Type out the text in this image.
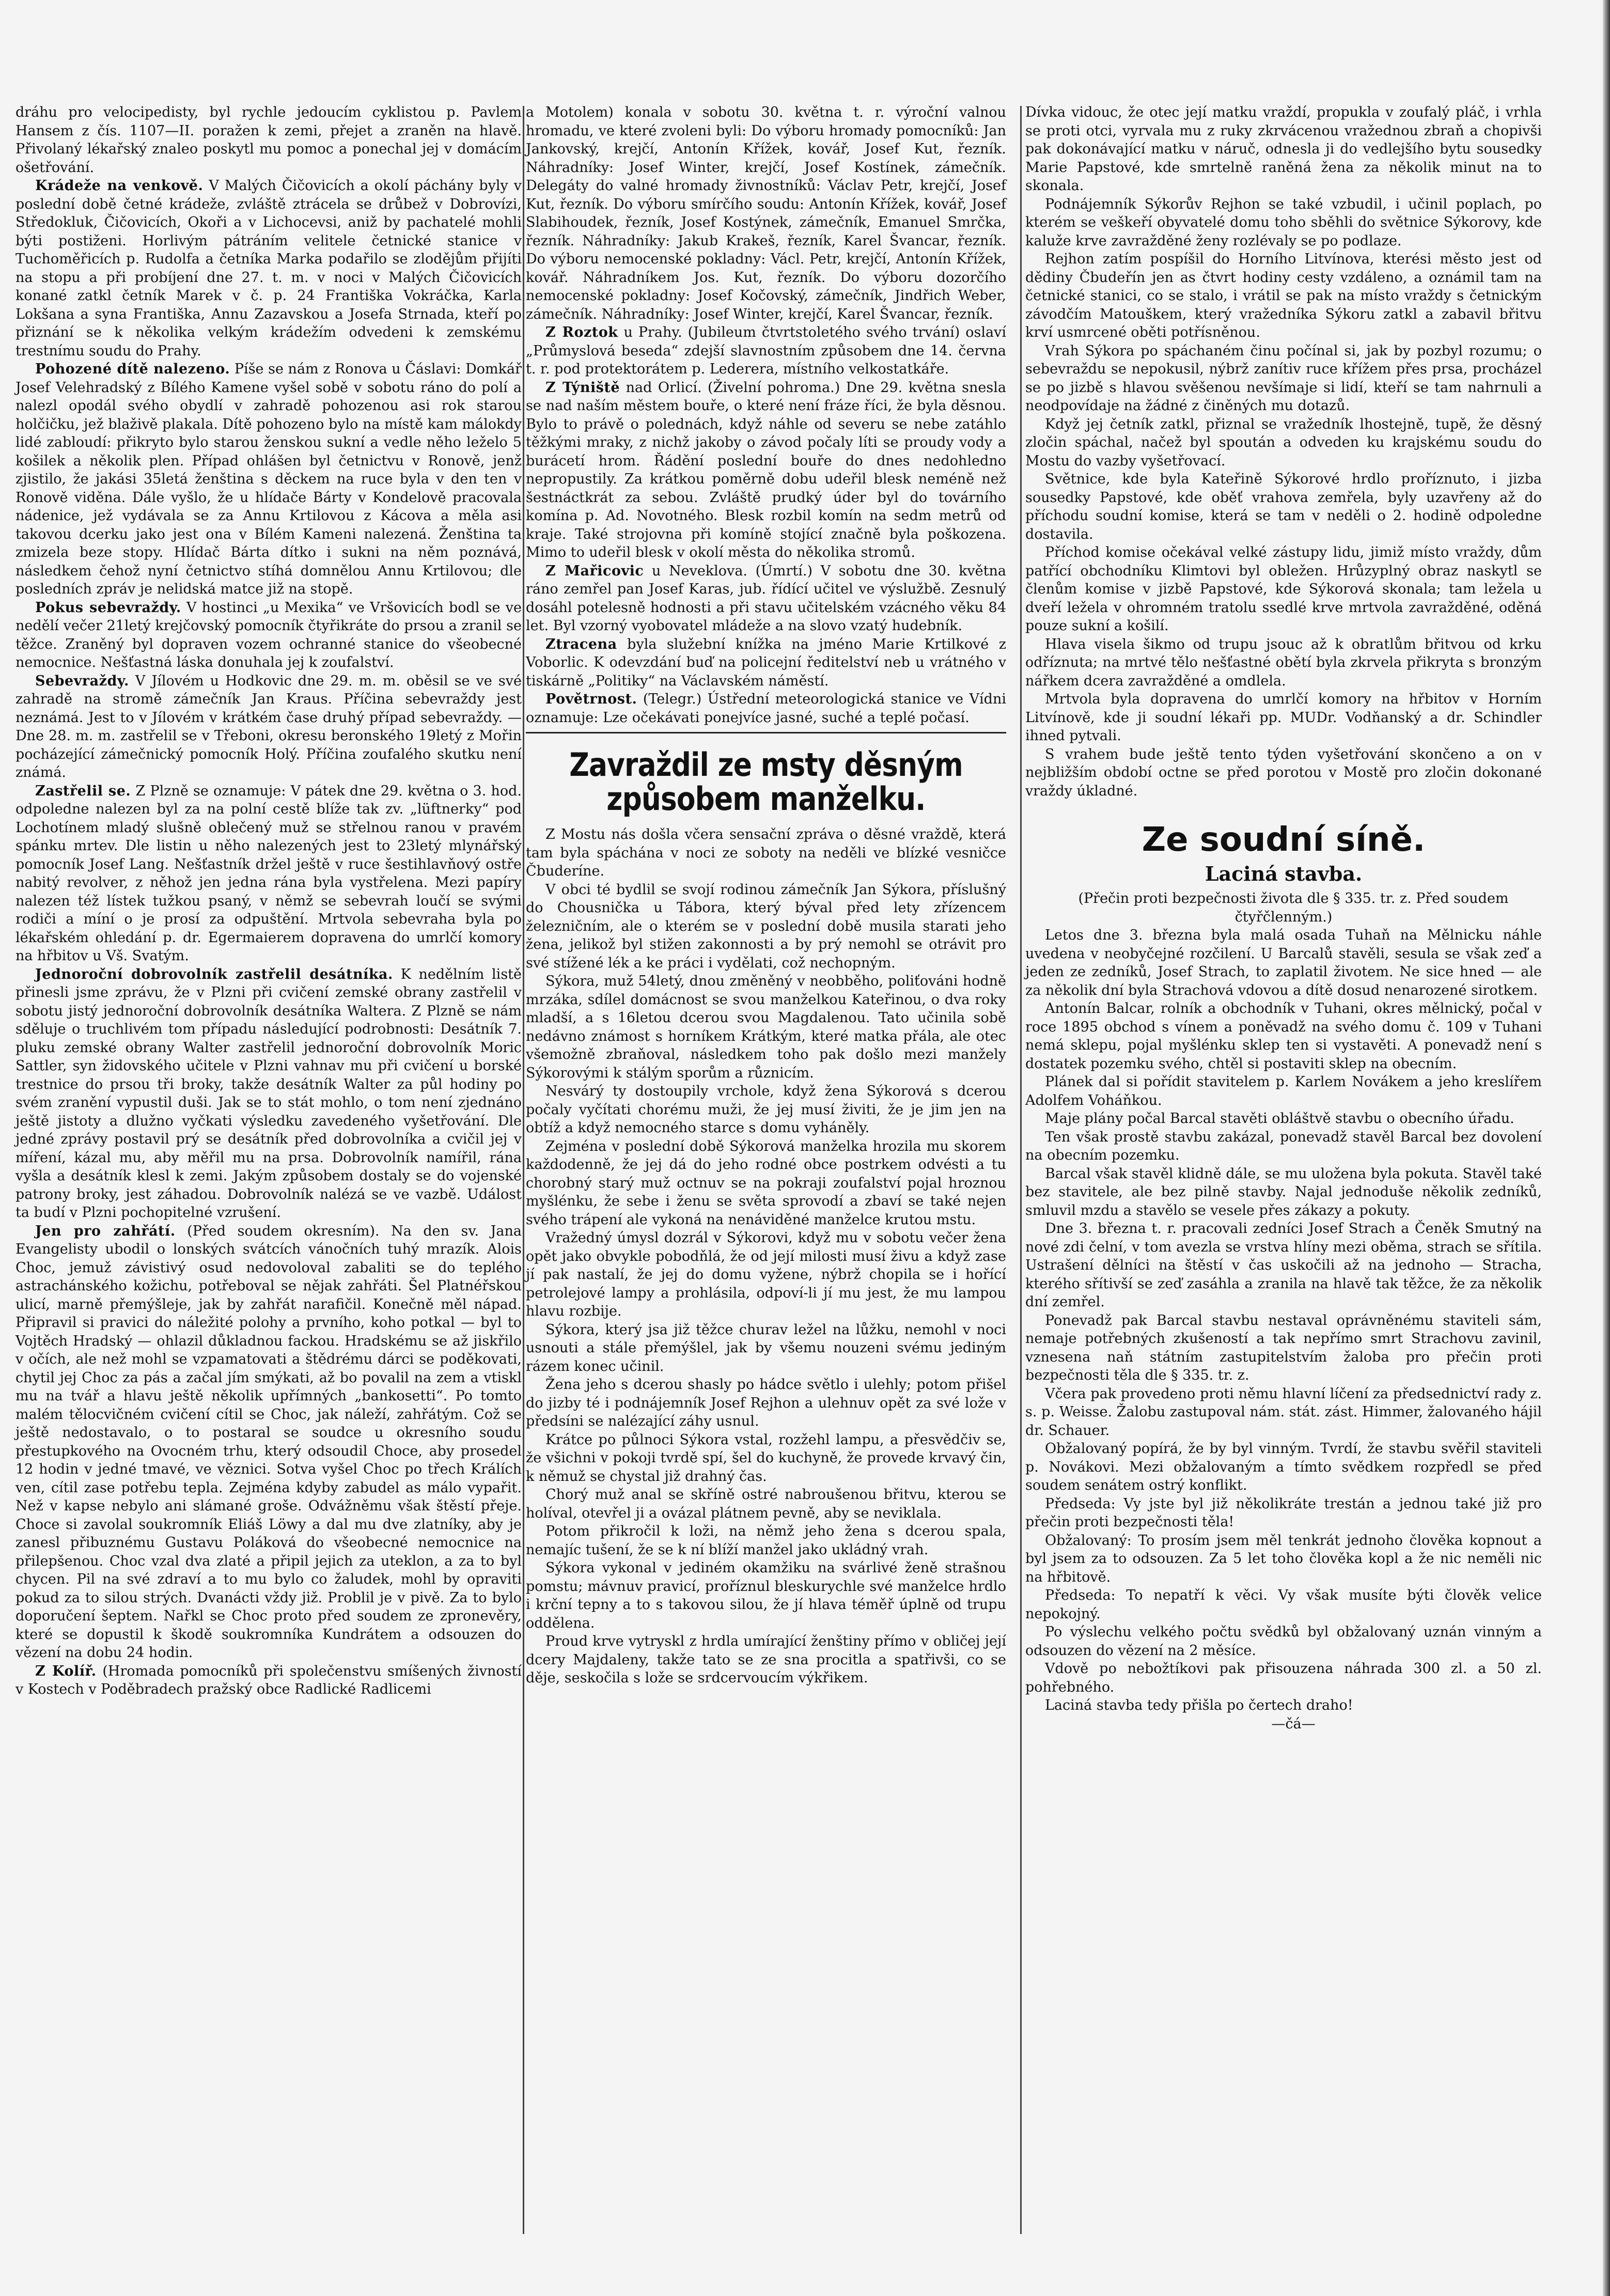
dráhu pro velocipedisty, byl rychle jedoucím cyklistou p. Pavlem Hansem z čís. 1107—II. poražen k zemi, přejet a zraněn na hlavě. Přivolaný lékařský znaleo poskytl mu pomoc a ponechal jej v domácím ošetřování.

Krádeže na venkově. V Malých Čičovicích a okolí páchány byly v poslední době četné krádeže, zvláště ztrácela se drůbež v Dobrovízi, Středokluk, Čičovicích, Okoři a v Lichocevsi, aniž by pachatelé mohli býti postiženi. Horlivým pátráním velitele četnické stanice v Tuchoměřicích p. Rudolfa a četníka Marka podařilo se zlodějům přijíti na stopu a při probíjení dne 27. t. m. v noci v Malých Čičovicích konané zatkl četník Marek v č. p. 24 Františka Vokráčka, Karla Lokšana a syna Františka, Annu Zazavskou a Josefa Strnada, kteří po přiznání se k několika velkým krádežím odvedeni k zemskému trestnímu soudu do Prahy.

Pohozené dítě nalezeno. Píše se nám z Ronova u Čáslavi: Domkář Josef Velehradský z Bílého Kamene vyšel sobě v sobotu ráno do polí a nalezl opodál svého obydlí v zahradě pohozenou asi rok starou holčičku, jež blaživě plakala. Dítě pohozeno bylo na místě kam málokdy lidé zabloudí: přikryto bylo starou ženskou sukní a vedle něho leželo 5 košilek a několik plen. Případ ohlášen byl četnictvu v Ronově, jenž zjistilo, že jakási 35letá ženština s děckem na ruce byla v den ten v Ronově viděna. Dále vyšlo, že u hlídače Bárty v Kondelově pracovala nádenice, jež vydávala se za Annu Krtilovou z Kácova a měla asi takovou dcerku jako jest ona v Bílém Kameni nalezená. Ženština ta zmizela beze stopy. Hlídač Bárta dítko i sukni na něm poznává, následkem čehož nyní četnictvo stíhá domnělou Annu Krtilovou; dle posledních zpráv je nelidská matce již na stopě.

Pokus sebevraždy. V hostinci „u Mexika“ ve Vršovicích bodl se ve nedělí večer 21letý krejčovský pomocník čtyřikráte do prsou a zranil se těžce. Zraněný byl dopraven vozem ochranné stanice do všeobecné nemocnice. Nešťastná láska donuhala jej k zoufalství.

Sebevraždy. V Jílovém u Hodkovic dne 29. m. m. oběsil se ve své zahradě na stromě zámečník Jan Kraus. Příčina sebevraždy jest neznámá. Jest to v Jílovém v krátkém čase druhý případ sebevraždy. — Dne 28. m. m. zastřelil se v Třeboni, okresu beronského 19letý z Mořin pocházející zámečnický pomocník Holý. Příčina zoufalého skutku není známá.

Zastřelil se. Z Plzně se oznamuje: V pátek dne 29. května o 3. hod. odpoledne nalezen byl za na polní cestě blíže tak zv. „lüftnerky“ pod Lochotínem mladý slušně oblečený muž se střelnou ranou v pravém spánku mrtev. Dle listin u něho nalezených jest to 23letý mlynářský pomocník Josef Lang. Nešťastník držel ještě v ruce šestihlavňový ostře nabitý revolver, z něhož jen jedna rána byla vystřelena. Mezi papíry nalezen též lístek tužkou psaný, v němž se sebevrah loučí se svými rodiči a míní o je prosí za odpuštění. Mrtvola sebevraha byla po lékařském ohledání p. dr. Egermaierem dopravena do umrlčí komory na hřbitov u Vš. Svatým.

Jednoroční dobrovolník zastřelil desátníka. K nedělním listě přinesli jsme zprávu, že v Plzni při cvičení zemské obrany zastřelil v sobotu jistý jednoroční dobrovolník desátníka Waltera. Z Plzně se nám sděluje o truchlivém tom případu následující podrobnosti: Desátník 7. pluku zemské obrany Walter zastřelil jednoroční dobrovolník Moric Sattler, syn židovského učitele v Plzni vahnav mu při cvičení u borské trestnice do prsou tři broky, takže desátník Walter za půl hodiny po svém zranění vypustil duši. Jak se to stát mohlo, o tom není zjednáno ještě jistoty a dlužno vyčkati výsledku zavedeného vyšetřování. Dle jedné zprávy postavil prý se desátník před dobrovolníka a cvičil jej v míření, kázal mu, aby měřil mu na prsa. Dobrovolník namířil, rána vyšla a desátník klesl k zemi. Jakým způsobem dostaly se do vojenské patrony broky, jest záhadou. Dobrovolník nalézá se ve vazbě. Událost ta budí v Plzni pochopitelné vzrušení.

Jen pro zahřátí. (Před soudem okresním). Na den sv. Jana Evangelisty ubodil o lonských svátcích vánočních tuhý mrazík. Alois Choc, jemuž závistivý osud nedovoloval zabaliti se do teplého astrachánského kožichu, potřeboval se nějak zahřáti. Šel Platnéřskou ulicí, marně přemýšleje, jak by zahřát narafičil. Konečně měl nápad. Připravil si pravici do náležité polohy a prvního, koho potkal — byl to Vojtěch Hradský — ohlazil důkladnou fackou. Hradskému se až jiskřilo v očích, ale než mohl se vzpamatovati a štědrému dárci se poděkovati, chytil jej Choc za pás a začal jím smýkati, až bo povalil na zem a vtiskl mu na tvář a hlavu ještě několik upřímných „bankosetti“. Po tomto malém tělocvičném cvičení cítil se Choc, jak náleží, zahřátým. Což se ještě nedostavalo, o to postaral se soudce u okresního soudu přestupkového na Ovocném trhu, který odsoudil Choce, aby prosedel 12 hodin v jedné tmavé, ve věznici. Sotva vyšel Choc po třech Králích ven, cítil zase potřebu tepla. Zejména kdyby zabudel as málo vypařit. Než v kapse nebylo ani slámané groše. Odvážněmu však štěstí přeje. Choce si zavolal soukromník Eliáš Löwy a dal mu dve zlatníky, aby je zanesl přibuznému Gustavu Poláková do všeobecné nemocnice na přilepšenou. Choc vzal dva zlaté a připil jejich za uteklon, a za to byl chycen. Pil na své zdraví a to mu bylo co žaludek, mohl by opraviti pokud za to silou strých. Dvanácti vždy již. Problil je v pivě. Za to bylo doporučení šeptem. Nařkl se Choc proto před soudem ze zpronevěry, které se dopustil k škodě soukromníka Kundrátem a odsouzen do vězení na dobu 24 hodin.

Z Kolíř. (Hromada pomocníků při společenstvu smíšených živností v Kostech v Poděbradech pražský obce Radlické Radlicemi

a Motolem) konala v sobotu 30. května t. r. výroční valnou hromadu, ve které zvoleni byli: Do výboru hromady pomocníků: Jan Jankovský, krejčí, Antonín Křížek, kovář, Josef Kut, řezník. Náhradníky: Josef Winter, krejčí, Josef Kostínek, zámečník. Delegáty do valné hromady živnostníků: Václav Petr, krejčí, Josef Kut, řezník. Do výboru smírčího soudu: Antonín Křížek, kovář, Josef Slabihoudek, řezník, Josef Kostýnek, zámečník, Emanuel Smrčka, řezník. Náhradníky: Jakub Krakeš, řezník, Karel Švancar, řezník. Do výboru nemocenské pokladny: Václ. Petr, krejčí, Antonín Křížek, kovář. Náhradníkem Jos. Kut, řezník. Do výboru dozorčího nemocenské pokladny: Josef Kočovský, zámečník, Jindřich Weber, zámečník. Náhradníky: Josef Winter, krejčí, Karel Švancar, řezník.

Z Roztok u Prahy. (Jubileum čtvrtstoletého svého trvání) oslaví „Průmyslová beseda“ zdejší slavnostním způsobem dne 14. června t. r. pod protektorátem p. Lederera, místního velkostatkáře.

Z Týniště nad Orlicí. (Živelní pohroma.) Dne 29. května snesla se nad naším městem bouře, o které není fráze říci, že byla děsnou. Bylo to právě o polednách, když náhle od severu se nebe zatáhlo těžkými mraky, z nichž jakoby o závod počaly líti se proudy vody a burácetí hrom. Řádění poslední bouře do dnes nedohledno nepropustily. Za krátkou poměrně dobu udeřil blesk neméně než šestnáctkrát za sebou. Zvláště prudký úder byl do továrního komína p. Ad. Novotného. Blesk rozbil komín na sedm metrů od kraje. Také strojovna při komíně stojící značně byla poškozena. Mimo to udeřil blesk v okolí města do několika stromů.

Z Mařicovic u Neveklova. (Úmrtí.) V sobotu dne 30. května ráno zemřel pan Josef Karas, jub. řídící učitel ve výslužbě. Zesnulý dosáhl potelesně hodnosti a při stavu učitelském vzácného věku 84 let. Byl vzorný vyobovatel mládeže a na slovo vzatý hudebník.

Ztracena byla služební knížka na jméno Marie Krtilkové z Voborlic. K odevzdání buď na policejní ředitelství neb u vrátného v tiskárně „Politiky“ na Václavském náměstí.

Povětrnost. (Telegr.) Ústřední meteorologická stanice ve Vídni oznamuje: Lze očekávati ponejvíce jasné, suché a teplé počasí.

Zavraždil ze msty děsným způsobem manželku.

Z Mostu nás došla včera sensační zpráva o děsné vraždě, která tam byla spáchána v noci ze soboty na neděli ve blízké vesničce Čbuderíne.

V obci té bydlil se svojí rodinou zámečník Jan Sýkora, příslušný do Chousnička u Tábora, který býval před lety zřízencem železničním, ale o kterém se v poslední době musila starati jeho žena, jelikož byl stižen zakonnosti a by prý nemohl se otrávit pro své stížené lék a ke práci i vydělati, což nechopným.

Sýkora, muž 54letý, dnou změněný v neobběho, poliťováni hodně mrzáka, sdílel domácnost se svou manželkou Kateřinou, o dva roky mladší, a s 16letou dcerou svou Magdalenou. Tato učinila sobě nedávno známost s horníkem Krátkým, které matka přála, ale otec všemožně zbraňoval, následkem toho pak došlo mezi manžely Sýkorovými k stálým sporům a různicím.

Nesvárý ty dostoupily vrchole, když žena Sýkorová s dcerou počaly vyčítati chorému muži, že jej musí živiti, že je jim jen na obtíž a když nemocného starce s domu vyháněly.

Zejména v poslední době Sýkorová manželka hrozila mu skorem každodenně, že jej dá do jeho rodné obce postrkem odvésti a tu chorobný starý muž octnuv se na pokraji zoufalství pojal hroznou myšlénku, že sebe i ženu se světa sprovodí a zbaví se také nejen svého trápení ale vykoná na nenáviděné manželce krutou mstu.

Vražedný úmysl dozrál v Sýkorovi, když mu v sobotu večer žena opět jako obvykle pobodňlá, že od její milosti musí živu a když zase jí pak nastalí, že jej do domu vyžene, nýbrž chopila se i hořící petrolejové lampy a prohlásila, odpoví-li jí mu jest, že mu lampou hlavu rozbije.

Sýkora, který jsa již těžce churav ležel na lůžku, nemohl v noci usnouti a stále přemýšlel, jak by všemu nouzeni svému jediným rázem konec učinil.

Žena jeho s dcerou shasly po hádce světlo i ulehly; potom přišel do jizby té i podnájemník Josef Rejhon a ulehnuv opět za své lože v předsíni se nalézající záhy usnul.

Krátce po půlnoci Sýkora vstal, rozžehl lampu, a přesvědčiv se, že všichni v pokoji tvrdě spí, šel do kuchyně, že provede krvavý čin, k němuž se chystal již drahný čas.

Chorý muž anal se skříně ostré nabroušenou břitvu, kterou se holíval, otevřel ji a ovázal plátnem pevně, aby se neviklala.

Potom přikročil k loži, na němž jeho žena s dcerou spala, nemajíc tušení, že se k ní blíží manžel jako ukládný vrah.

Sýkora vykonal v jediném okamžiku na svárlivé ženě strašnou pomstu; mávnuv pravicí, proříznul bleskurychle své manželce hrdlo i krční tepny a to s takovou silou, že jí hlava téměř úplně od trupu oddělena.

Proud krve vytryskl z hrdla umírající ženštiny přímo v obličej její dcery Majdaleny, takže tato se ze sna procitla a spatřivši, co se děje, seskočila s lože se srdcervoucím výkřikem.

Dívka vidouc, že otec její matku vraždí, propukla v zoufalý pláč, i vrhla se proti otci, vyrvala mu z ruky zkrvácenou vražednou zbraň a chopivši pak dokonávající matku v náruč, odnesla ji do vedlejšího bytu sousedky Marie Papstové, kde smrtelně raněná žena za několik minut na to skonala.

Podnájemník Sýkorův Rejhon se také vzbudil, i učinil poplach, po kterém se veškeří obyvatelé domu toho sběhli do světnice Sýkorovy, kde kaluže krve zavražděné ženy rozlévaly se po podlaze.

Rejhon zatím pospíšil do Horního Litvínova, kterési město jest od dědiny Čbudeřín jen as čtvrt hodiny cesty vzdáleno, a oznámil tam na četnické stanici, co se stalo, i vrátil se pak na místo vraždy s četnickým závodčím Matouškem, který vražedníka Sýkoru zatkl a zabavil břitvu krví usmrcené oběti potřísněnou.

Vrah Sýkora po spáchaném činu počínal si, jak by pozbyl rozumu; o sebevraždu se nepokusil, nýbrž zanítiv ruce křížem přes prsa, procházel se po jizbě s hlavou svěšenou nevšímaje si lidí, kteří se tam nahrnuli a neodpovídaje na žádné z činěných mu dotazů.

Když jej četník zatkl, přiznal se vražedník lhostejně, tupě, že děsný zločin spáchal, načež byl spoután a odveden ku krajskému soudu do Mostu do vazby vyšetřovací.

Světnice, kde byla Kateřině Sýkorové hrdlo proříznuto, i jizba sousedky Papstové, kde oběť vrahova zemřela, byly uzavřeny až do příchodu soudní komise, která se tam v neděli o 2. hodině odpoledne dostavila.

Příchod komise očekával velké zástupy lidu, jimiž místo vraždy, dům patřící obchodníku Klimtovi byl obležen. Hrůzyplný obraz naskytl se členům komise v jizbě Papstové, kde Sýkorová skonala; tam ležela u dveří ležela v ohromném tratolu ssedlé krve mrtvola zavražděné, oděná pouze sukní a košilí.

Hlava visela šikmo od trupu jsouc až k obratlům břitvou od krku odříznuta; na mrtvé tělo nešťastné obětí byla zkrvela přikryta s bronzým nářkem dcera zavražděné a omdlela.

Mrtvola byla dopravena do umrlčí komory na hřbitov v Horním Litvínově, kde ji soudní lékaři pp. MUDr. Vodňanský a dr. Schindler ihned pytvali.

S vrahem bude ještě tento týden vyšetřování skončeno a on v nejbližším období octne se před porotou v Mostě pro zločin dokonané vraždy úkladné.

Ze soudní síně.
Laciná stavba.

(Přečin proti bezpečnosti života dle § 335. tr. z. Před soudem čtyřčlenným.)

Letos dne 3. března byla malá osada Tuhaň na Mělnicku náhle uvedena v neobyčejné rozčilení. U Barcalů stavěli, sesula se však zeď a jeden ze zedníků, Josef Strach, to zaplatil životem. Ne sice hned — ale za několik dní byla Strachová vdovou a dítě dosud nenarozené sirotkem.

Antonín Balcar, rolník a obchodník v Tuhani, okres mělnický, počal v roce 1895 obchod s vínem a poněvadž na svého domu č. 109 v Tuhani nemá sklepu, pojal myšlénku sklep ten si vystavěti. A ponevadž není s dostatek pozemku svého, chtěl si postaviti sklep na obecním.

Plánek dal si pořídit stavitelem p. Karlem Novákem a jeho kreslířem Adolfem Voháňkou.

Maje plány počal Barcal stavěti obláštvě stavbu o obecního úřadu.

Ten však prostě stavbu zakázal, ponevadž stavěl Barcal bez dovolení na obecním pozemku.

Barcal však stavěl klidně dále, se mu uložena byla pokuta. Stavěl také bez stavitele, ale bez pilně stavby. Najal jednoduše několik zedníků, smluvil mzdu a stavělo se vesele přes zákazy a pokuty.

Dne 3. března t. r. pracovali zedníci Josef Strach a Čeněk Smutný na nové zdi čelní, v tom avezla se vrstva hlíny mezi oběma, strach se sřítila. Ustrašení dělníci na štěstí v čas uskočili až na jednoho — Stracha, kterého sřítivší se zeď zasáhla a zranila na hlavě tak těžce, že za několik dní zemřel.

Ponevadž pak Barcal stavbu nestaval oprávněnému staviteli sám, nemaje potřebných zkušeností a tak nepřímo smrt Strachovu zavinil, vznesena naň státním zastupitelstvím žaloba pro přečin proti bezpečnosti těla dle § 335. tr. z.

Včera pak provedeno proti němu hlavní líčení za předsednictví rady z. s. p. Weisse. Žalobu zastupoval nám. stát. zást. Himmer, žalovaného hájil dr. Schauer.

Obžalovaný popírá, že by byl vinným. Tvrdí, že stavbu svěřil staviteli p. Novákovi. Mezi obžalovaným a tímto svědkem rozpředl se před soudem senátem ostrý konflikt.

Předseda: Vy jste byl již několikráte trestán a jednou také již pro přečin proti bezpečnosti těla!

Obžalovaný: To prosím jsem měl tenkrát jednoho člověka kopnout a byl jsem za to odsouzen. Za 5 let toho člověka kopl a že nic neměli nic na hřbitově.

Předseda: To nepatří k věci. Vy však musíte býti člověk velice nepokojný.

Po výslechu velkého počtu svědků byl obžalovaný uznán vinným a odsouzen do vězení na 2 měsíce.

Vdově po nebožtíkovi pak přisouzena náhrada 300 zl. a 50 zl. pohřebného.

Laciná stavba tedy přišla po čertech draho!

—čá—
